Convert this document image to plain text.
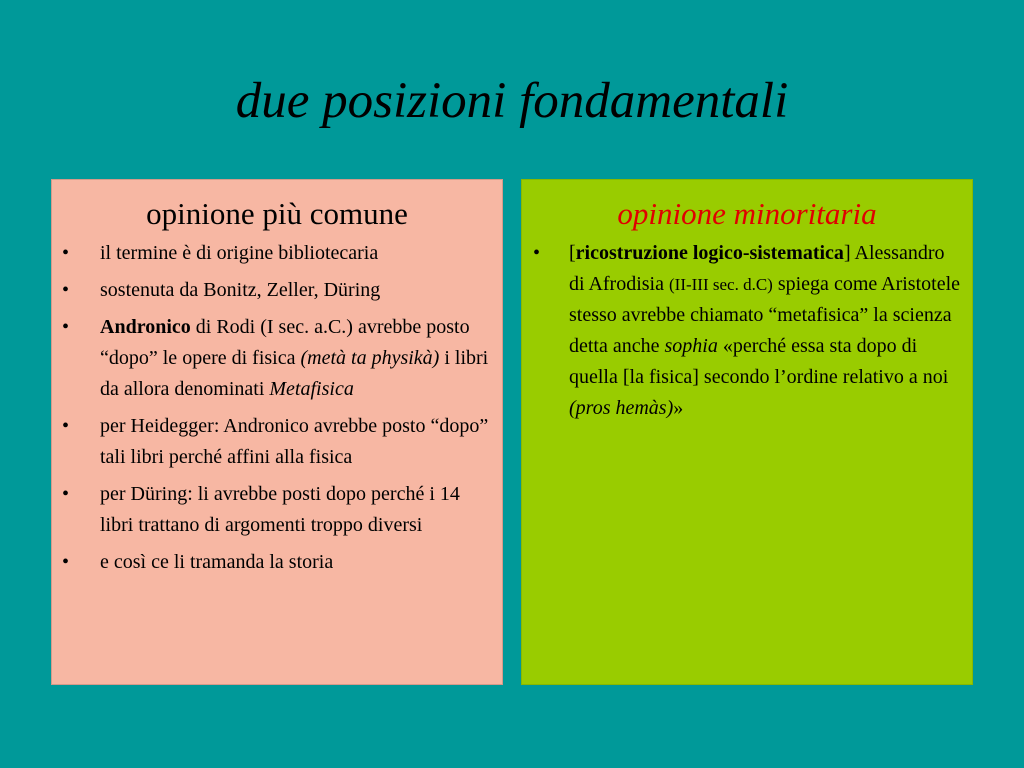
due posizioni fondamentali
opinione più comune
• il termine è di origine bibliotecaria
• sostenuta da Bonitz, Zeller, Düring
• Andronico di Rodi (I sec. a.C.) avrebbe posto “dopo” le opere di fisica (metà ta physikà) i libri da allora denominati Metafisica
• per Heidegger: Andronico avrebbe posto “dopo” tali libri perché affini alla fisica
• per Düring: li avrebbe posti dopo perché i 14 libri trattano di argomenti troppo diversi
• e così ce li tramanda la storia
opinione minoritaria
• [ricostruzione logico-sistematica] Alessandro di Afrodisia (II-III sec. d.C) spiega come Aristotele stesso avrebbe chiamato “metafisica” la scienza detta anche sophia «perché essa sta dopo di quella [la fisica] secondo l’ordine relativo a noi (pros hemàs)»
